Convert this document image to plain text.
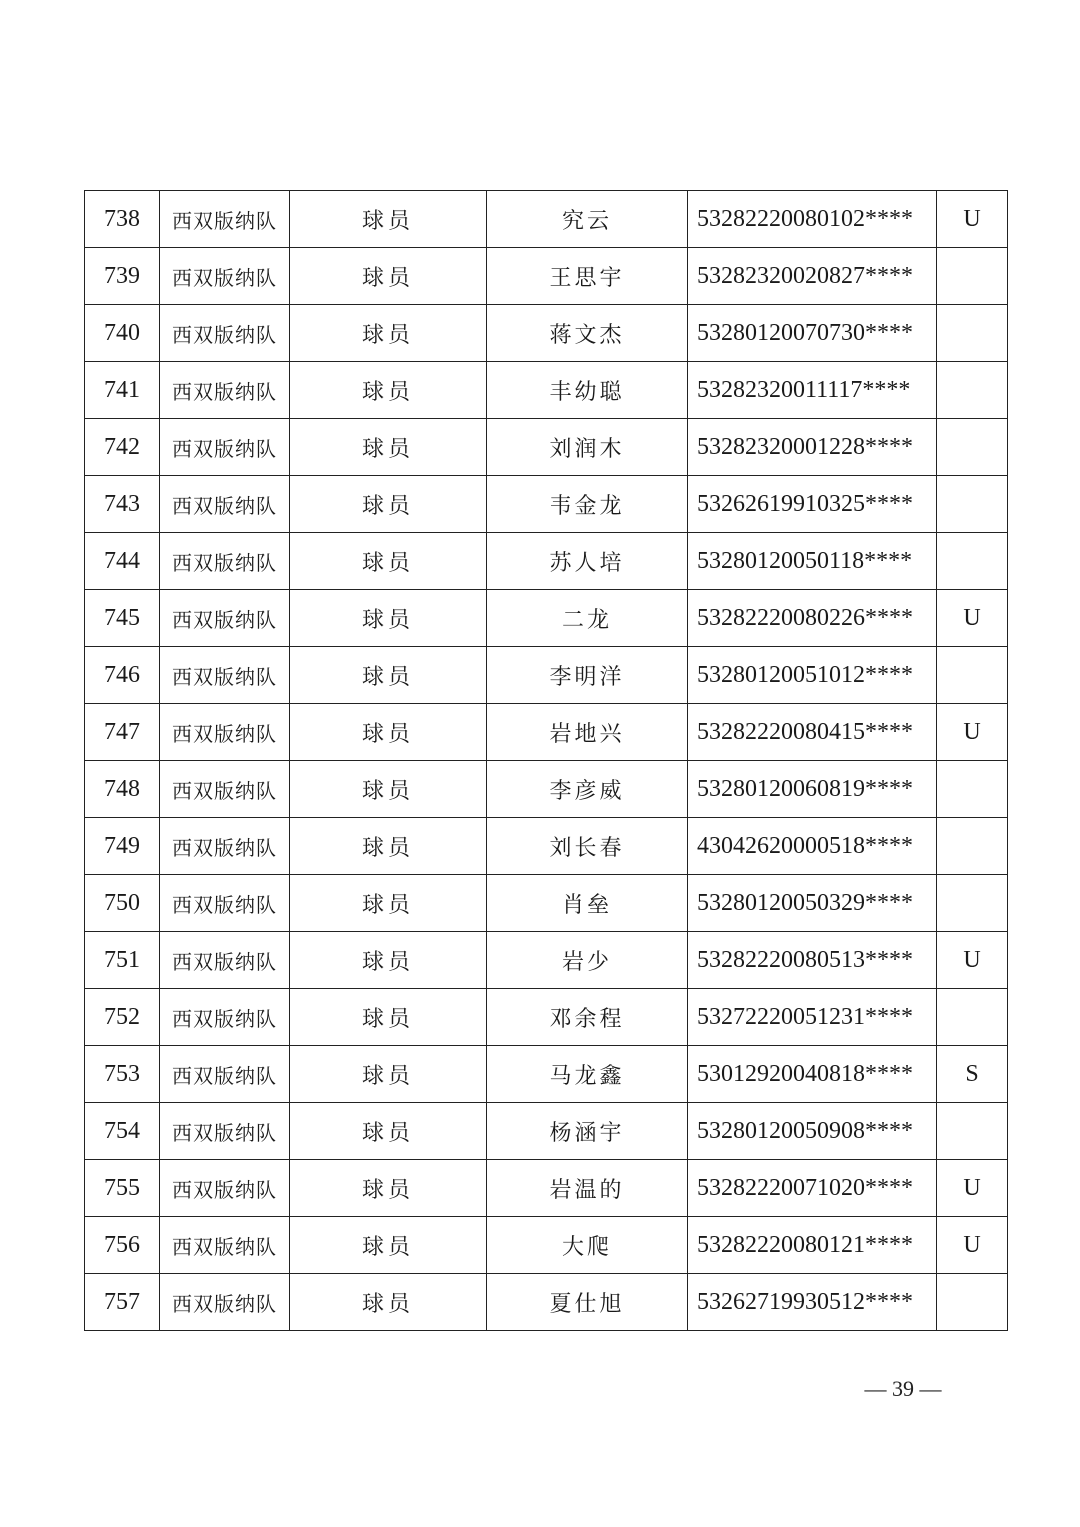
738	西双版纳队	球员	究云	53282220080102****	U
739	西双版纳队	球员	王思宇	53282320020827****	
740	西双版纳队	球员	蒋文杰	53280120070730****	
741	西双版纳队	球员	丰幼聪	53282320011117****	
742	西双版纳队	球员	刘润木	53282320001228****	
743	西双版纳队	球员	韦金龙	53262619910325****	
744	西双版纳队	球员	苏人培	53280120050118****	
745	西双版纳队	球员	二龙	53282220080226****	U
746	西双版纳队	球员	李明洋	53280120051012****	
747	西双版纳队	球员	岩地兴	53282220080415****	U
748	西双版纳队	球员	李彦威	53280120060819****	
749	西双版纳队	球员	刘长春	43042620000518****	
750	西双版纳队	球员	肖垒	53280120050329****	
751	西双版纳队	球员	岩少	53282220080513****	U
752	西双版纳队	球员	邓余程	53272220051231****	
753	西双版纳队	球员	马龙鑫	53012920040818****	S
754	西双版纳队	球员	杨涵宇	53280120050908****	
755	西双版纳队	球员	岩温的	53282220071020****	U
756	西双版纳队	球员	大爬	53282220080121****	U
757	西双版纳队	球员	夏仕旭	53262719930512****	
— 39 —
